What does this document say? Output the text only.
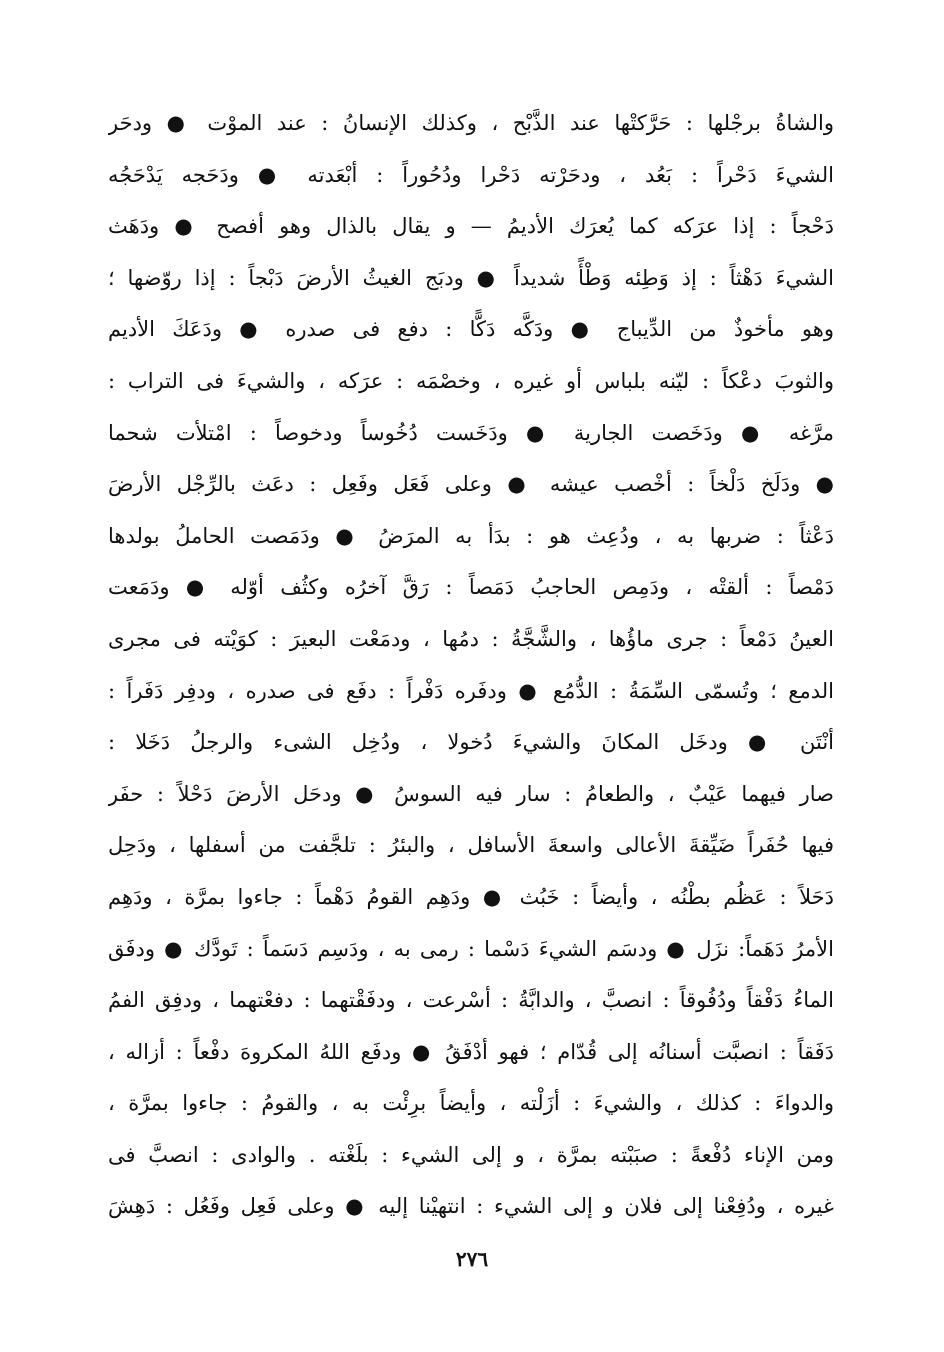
والشاةُ برجْلها : حَرَّكتْها عند الذَّبْح ، وكذلك الإنسانُ : عند الموْت ● ودحَر
الشيءَ دَحْراً : بَعُد ، ودحَرْته دَحْرا ودُحُوراً : أبْعَدته ● ودَحَجه يَدْحَجُه
دَحْجاً : إذا عرَكه كما يُعرَك الأديمُ — و يقال بالذال وهو أفصح ● ودَهَث
الشيءَ دَهْثاً : إذ وَطِئه وَطْأً شديداً ● ودبَج الغيثُ الأرضَ دَبْجاً : إذا روّضها ؛
وهو مأخوذٌ من الدِّيباج ● ودَكَّه دَكًّا : دفع فى صدره ● ودَعَكَ الأديم
والثوبَ دعْكاً : ليّنه بلباس أو غيره ، وخصْمَه : عرَكه ، والشيءَ فى التراب :
مرَّغه ● ودَخَصت الجارية ● ودَخَست دُخُوساً ودخوصاً : امْتلأت شحما
● ودَلَخ دَلْخاً : أخْصب عيشه ● وعلى فَعَل وفَعِل : دعَث بالرِّجْل الأرضَ
دَعْثاً : ضربها به ، ودُعِث هو : بدَأ به المرَضُ ● ودَمَصت الحاملُ بولدها
دَمْصاً : ألقتْه ، ودَمِص الحاجبُ دَمَصاً : رَقَّ آخرُه وكثُف أوّله ● ودَمَعت
العينُ دَمْعاً : جرى ماؤُها ، والشَّجَّةُ : دمُها ، ودمَعْت البعيرَ : كوَيْته فى مجرى
الدمع ؛ وتُسمّى السِّمَةُ : الدُّمُع ● ودفَره دَفْراً : دفَع فى صدره ، ودفِر دَفَراً :
أنْتَن ● ودخَل المكانَ والشيءَ دُخولا ، ودُخِل الشىء والرجلُ دَخَلا :
صار فيهما عَيْبٌ ، والطعامُ : سار فيه السوسُ ● ودحَل الأرضَ دَحْلاً : حفَر
فيها حُفَراً ضَيِّقةَ الأعالى واسعةَ الأسافل ، والبئرُ : تلجَّفت من أسفلها ، ودَحِل
دَحَلاً : عَظُم بطْنُه ، وأيضاً : خَبُث ● ودَهِم القومُ دَهْماً : جاءوا بمرَّة ، ودَهِم
الأمرُ دَهَماً: نزَل ● ودسَم الشيءَ دَسْما : رمى به ، ودَسِم دَسَماً : تَودَّك ● ودفَق
الماءُ دَفْقاً ودُفُوقاً : انصبَّ ، والدابَّةُ : أسْرعت ، ودفَقْتهما : دفعْتهما ، ودفِق الفمُ
دَفَقاً : انصبَّت أسنانُه إلى قُدّام ؛ فهو أدْفَقُ ● ودفَع اللهُ المكروهَ دفْعاً : أزاله ،
والدواءَ : كذلك ، والشيءَ : أزَلْته ، وأيضاً برِئْت به ، والقومُ : جاءوا بمرَّة ،
ومن الإناء دُفْعةً : صبَبْته بمرَّة ، و إلى الشيء : بلَغْته . والوادى : انصبَّ فى
غيره ، ودُفِعْنا إلى فلان و إلى الشيء : انتهيْنا إليه ● وعلى فَعِل وفَعُل : دَهِشَ
٢٧٦
